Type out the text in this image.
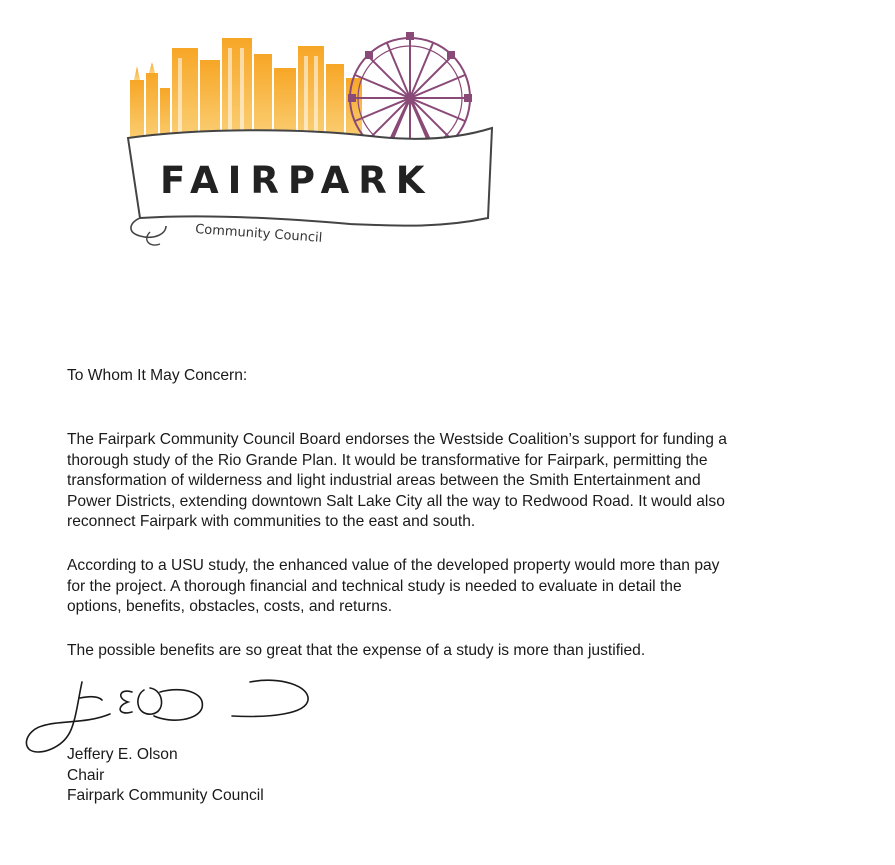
FAIRPARK
Community Council

To Whom It May Concern:

The Fairpark Community Council Board endorses the Westside Coalition’s support for funding a
thorough study of the Rio Grande Plan. It would be transformative for Fairpark, permitting the
transformation of wilderness and light industrial areas between the Smith Entertainment and
Power Districts, extending downtown Salt Lake City all the way to Redwood Road. It would also
reconnect Fairpark with communities to the east and south.

According to a USU study, the enhanced value of the developed property would more than pay
for the project. A thorough financial and technical study is needed to evaluate in detail the
options, benefits, obstacles, costs, and returns.

The possible benefits are so great that the expense of a study is more than justified.

Jeffery E. Olson
Chair
Fairpark Community Council
